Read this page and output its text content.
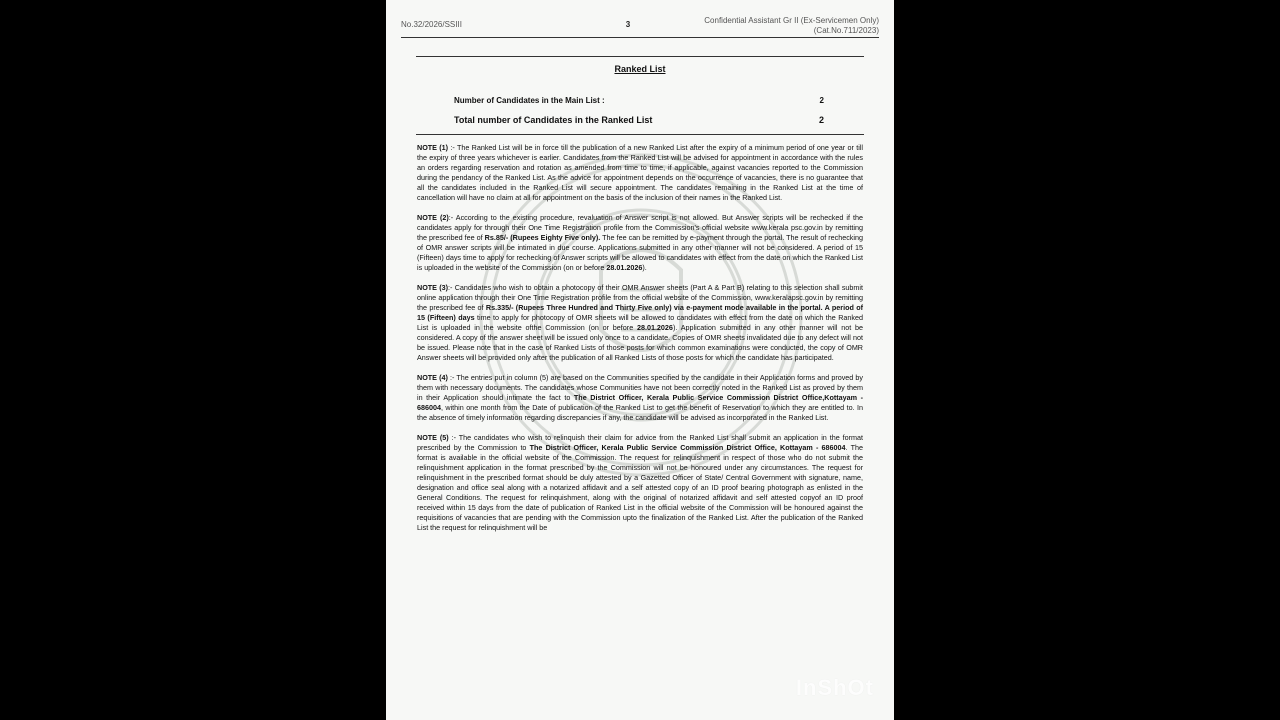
No.32/2026/SSIII	3	Confidential Assistant Gr II (Ex-Servicemen Only)(Cat.No.711/2023)
Ranked List
Number of Candidates in the Main List :	2
Total number of Candidates in the Ranked List	2

NOTE (1) :- The Ranked List will be in force till the publication of a new Ranked List after the expiry of a minimum period of one year or till the expiry of three years whichever is earlier. Candidates from the Ranked List will be advised for appointment in accordance with the rules an orders regarding reservation and rotation as amended from time to time, if applicable, against vacancies reported to the Commission during the pendancy of the Ranked List. As the advice for appointment depends on the occurrence of vacancies, there is no guarantee that all the candidates included in the Ranked List will secure appointment. The candidates remaining in the Ranked List at the time of cancellation will have no claim at all for appointment on the basis of the inclusion of their names in the Ranked List.

NOTE (2):- According to the existing procedure, revaluation of Answer script is not allowed. But Answer scripts will be rechecked if the candidates apply for through their One Time Registration profile from the Commission's official website www.kerala psc.gov.in by remitting the prescribed fee of Rs.85/- (Rupees Eighty Five only). The fee can be remitted by e-payment through the portal. The result of rechecking of OMR answer scripts will be intimated in due course. Applications submitted in any other manner will not be considered. A period of 15 (Fifteen) days time to apply for rechecking of Answer scripts will be allowed to candidates with effect from the date on which the Ranked List is uploaded in the website of the Commission (on or before 28.01.2026).

NOTE (3):- Candidates who wish to obtain a photocopy of their OMR Answer sheets (Part A & Part B) relating to this selection shall submit online application through their One Time Registration profile from the official website of the Commission, www.keralapsc.gov.in by remitting the prescribed fee of Rs.335/- (Rupees Three Hundred and Thirty Five only) via e-payment mode available in the portal. A period of 15 (Fifteen) days time to apply for photocopy of OMR sheets will be allowed to candidates with effect from the date on which the Ranked List is uploaded in the website ofthe Commission (on or before 28.01.2026). Application submitted in any other manner will not be considered. A copy of the answer sheet will be issued only once to a candidate. Copies of OMR sheets invalidated due to any defect will not be issued. Please note that in the case of Ranked Lists of those posts for which common examinations were conducted, the copy of OMR Answer sheets will be provided only after the publication of all Ranked Lists of those posts for which the candidate has participated.

NOTE (4) :- The entries put in column (5) are based on the Communities specified by the candidate in their Application forms and proved by them with necessary documents. The candidates whose Communities have not been correctly noted in the Ranked List as proved by them in their Application should intimate the fact to The District Officer, Kerala Public Service Commission District Office,Kottayam - 686004, within one month from the Date of publication of the Ranked List to get the benefit of Reservation to which they are entitled to. In the absence of timely information regarding discrepancies if any, the candidate will be advised as incorporated in the Ranked List.

NOTE (5) :- The candidates who wish to relinquish their claim for advice from the Ranked List shall submit an application in the format prescribed by the Commission to The District Officer, Kerala Public Service Commission District Office, Kottayam - 686004. The format is available in the official website of the Commission. The request for relinquishment in respect of those who do not submit the relinquishment application in the format prescribed by the Commission will not be honoured under any circumstances. The request for relinquishment in the prescribed format should be duly attested by a Gazetted Officer of State/ Central Government with signature, name, designation and office seal along with a notarized affidavit and a self attested copy of an ID proof bearing photograph as enlisted in the General Conditions. The request for relinquishment, along with the original of notarized affidavit and self attested copyof an ID proof received within 15 days from the date of publication of Ranked List in the official website of the Commission will be honoured against the requisitions of vacancies that are pending with the Commission upto the finalization of the Ranked List. After the publication of the Ranked List the request for relinquishment will be

InShOt
